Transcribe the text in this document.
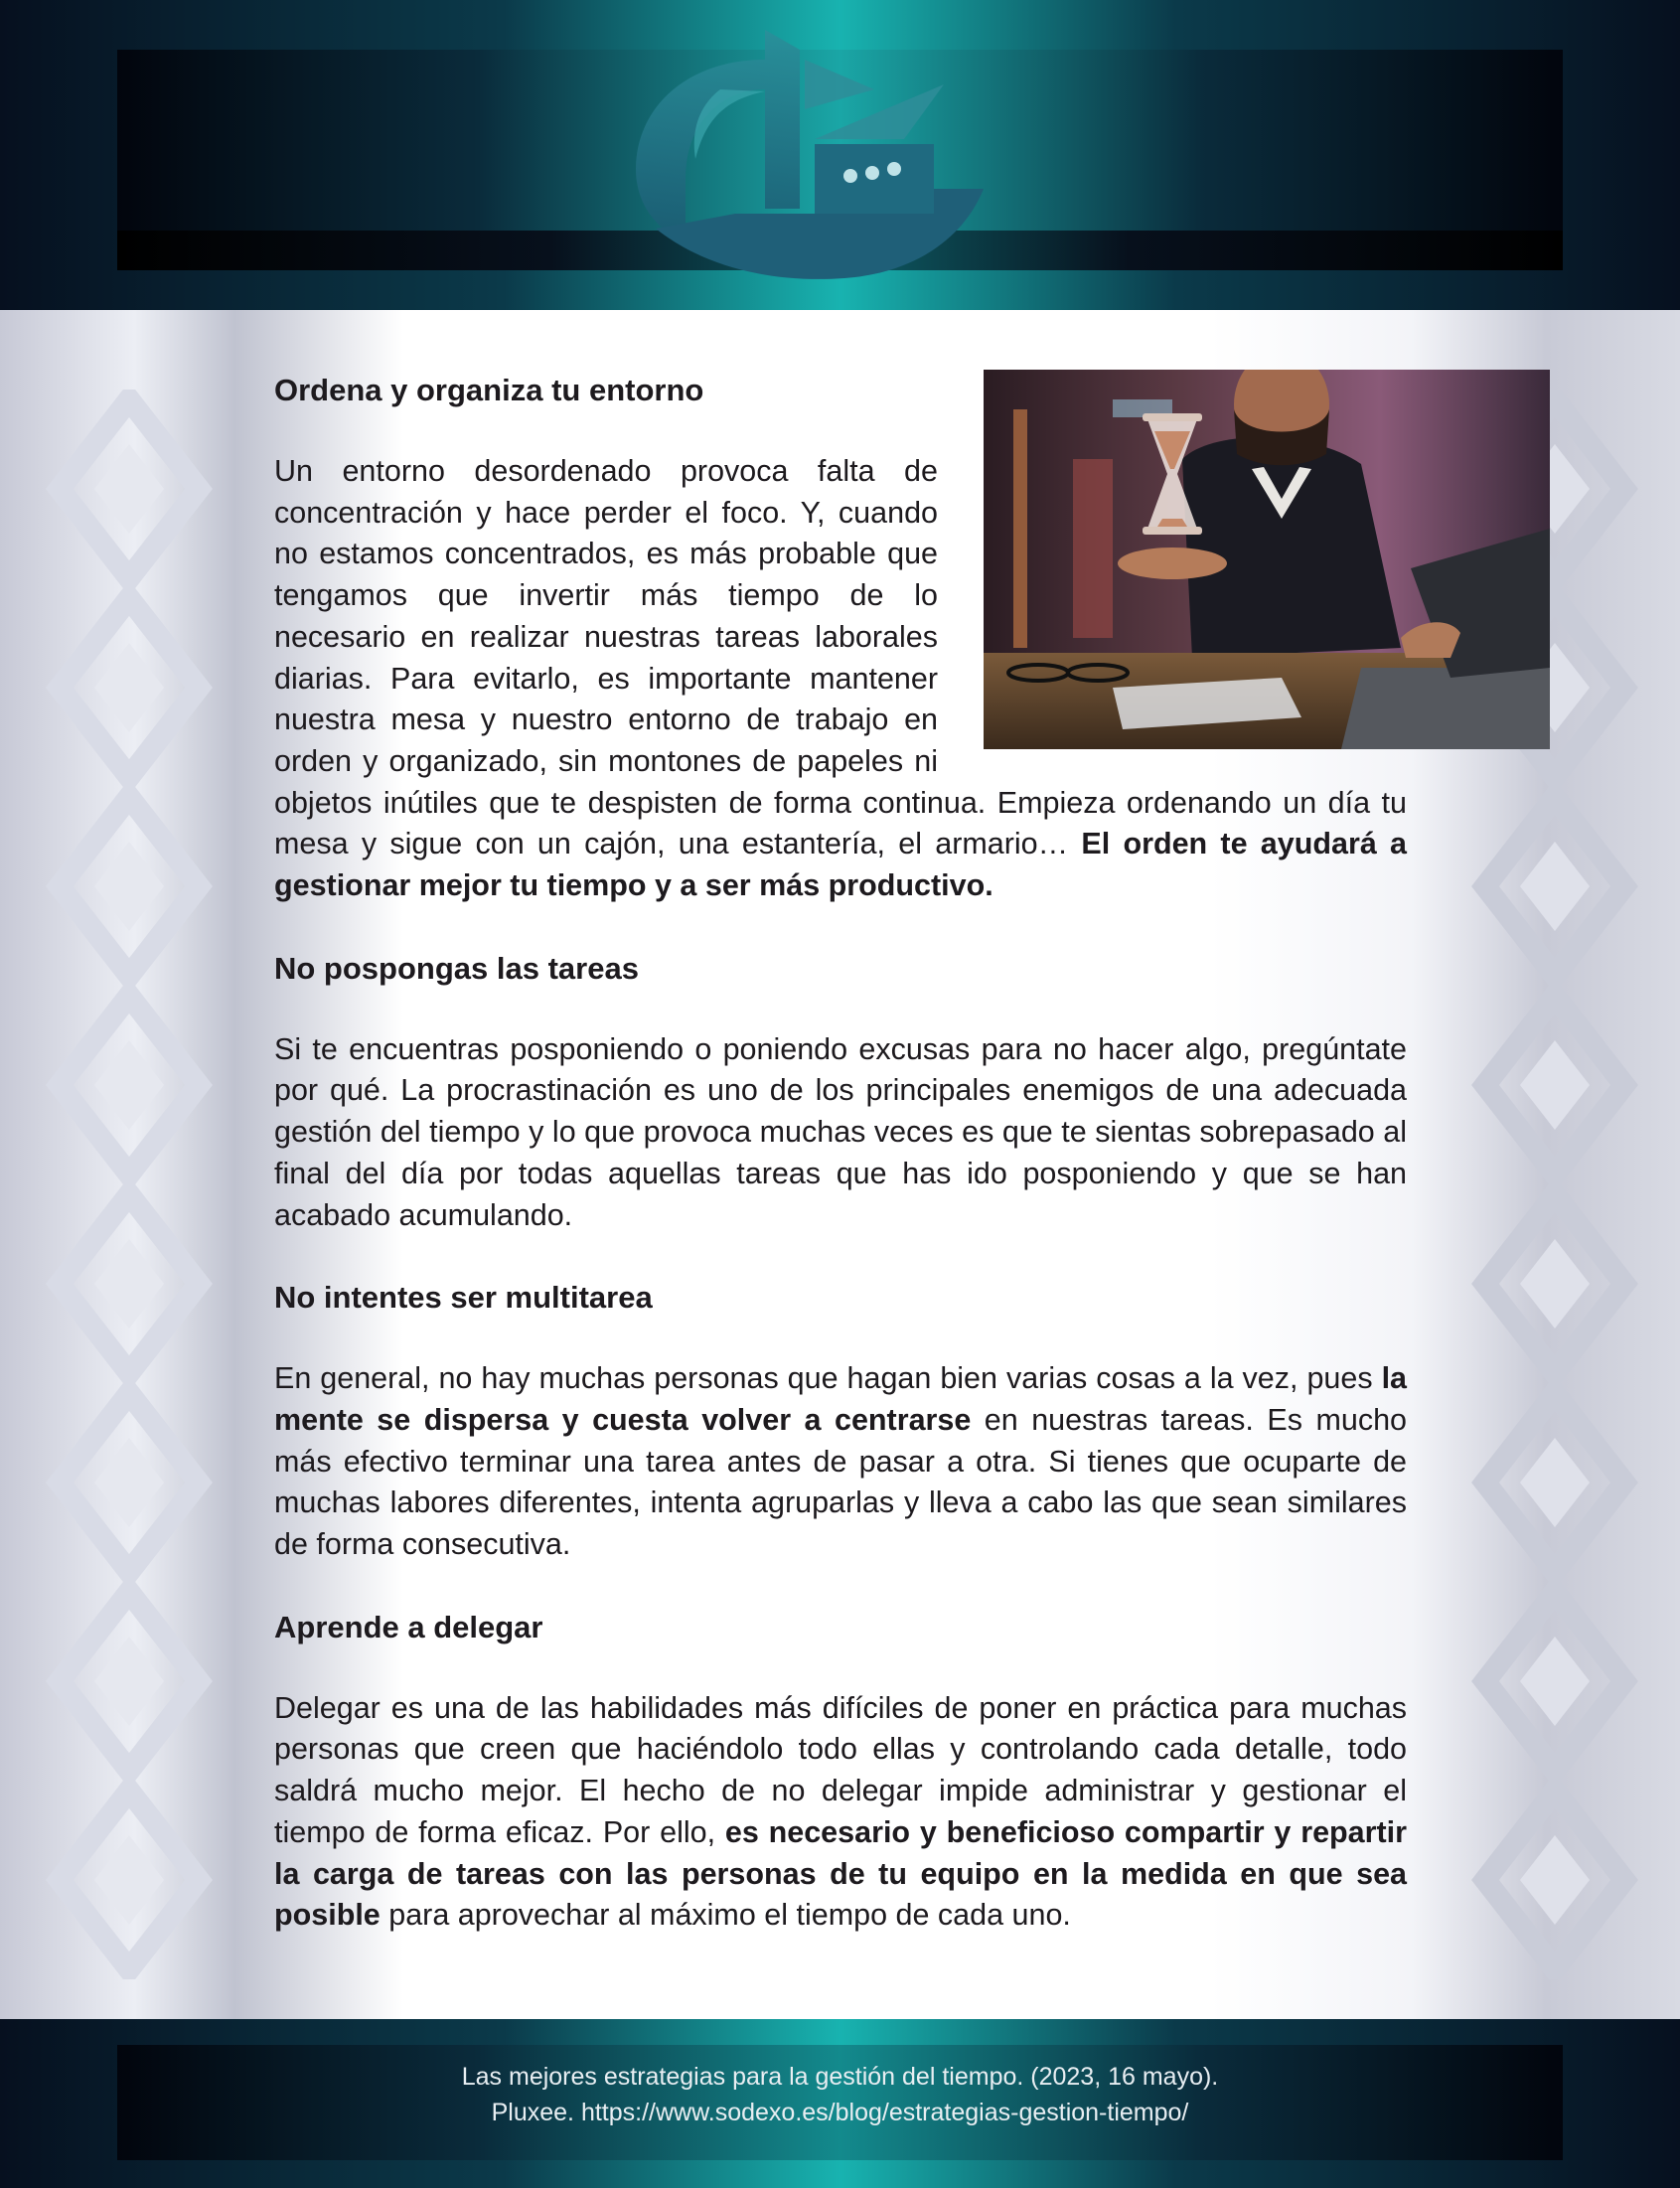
Ordena y organiza tu entorno
Un entorno desordenado provoca falta de concentración y hace perder el foco. Y, cuando no estamos concentrados, es más probable que tengamos que invertir más tiempo de lo necesario en realizar nuestras tareas laborales diarias. Para evitarlo, es importante mantener nuestra mesa y nuestro entorno de trabajo en orden y organizado, sin montones de papeles ni objetos inútiles que te despisten de forma continua. Empieza ordenando un día tu mesa y sigue con un cajón, una estantería, el armario… El orden te ayudará a gestionar mejor tu tiempo y a ser más productivo.
No pospongas las tareas
Si te encuentras posponiendo o poniendo excusas para no hacer algo, pregúntate por qué. La procrastinación es uno de los principales enemigos de una adecuada gestión del tiempo y lo que provoca muchas veces es que te sientas sobrepasado al final del día por todas aquellas tareas que has ido posponiendo y que se han acabado acumulando.
No intentes ser multitarea
En general, no hay muchas personas que hagan bien varias cosas a la vez, pues la mente se dispersa y cuesta volver a centrarse en nuestras tareas. Es mucho más efectivo terminar una tarea antes de pasar a otra. Si tienes que ocuparte de muchas labores diferentes, intenta agruparlas y lleva a cabo las que sean similares de forma consecutiva.
Aprende a delegar
Delegar es una de las habilidades más difíciles de poner en práctica para muchas personas que creen que haciéndolo todo ellas y controlando cada detalle, todo saldrá mucho mejor. El hecho de no delegar impide administrar y gestionar el tiempo de forma eficaz. Por ello, es necesario y beneficioso compartir y repartir la carga de tareas con las personas de tu equipo en la medida en que sea posible para aprovechar al máximo el tiempo de cada uno.
Las mejores estrategias para la gestión del tiempo. (2023, 16 mayo).
Pluxee. https://www.sodexo.es/blog/estrategias-gestion-tiempo/
